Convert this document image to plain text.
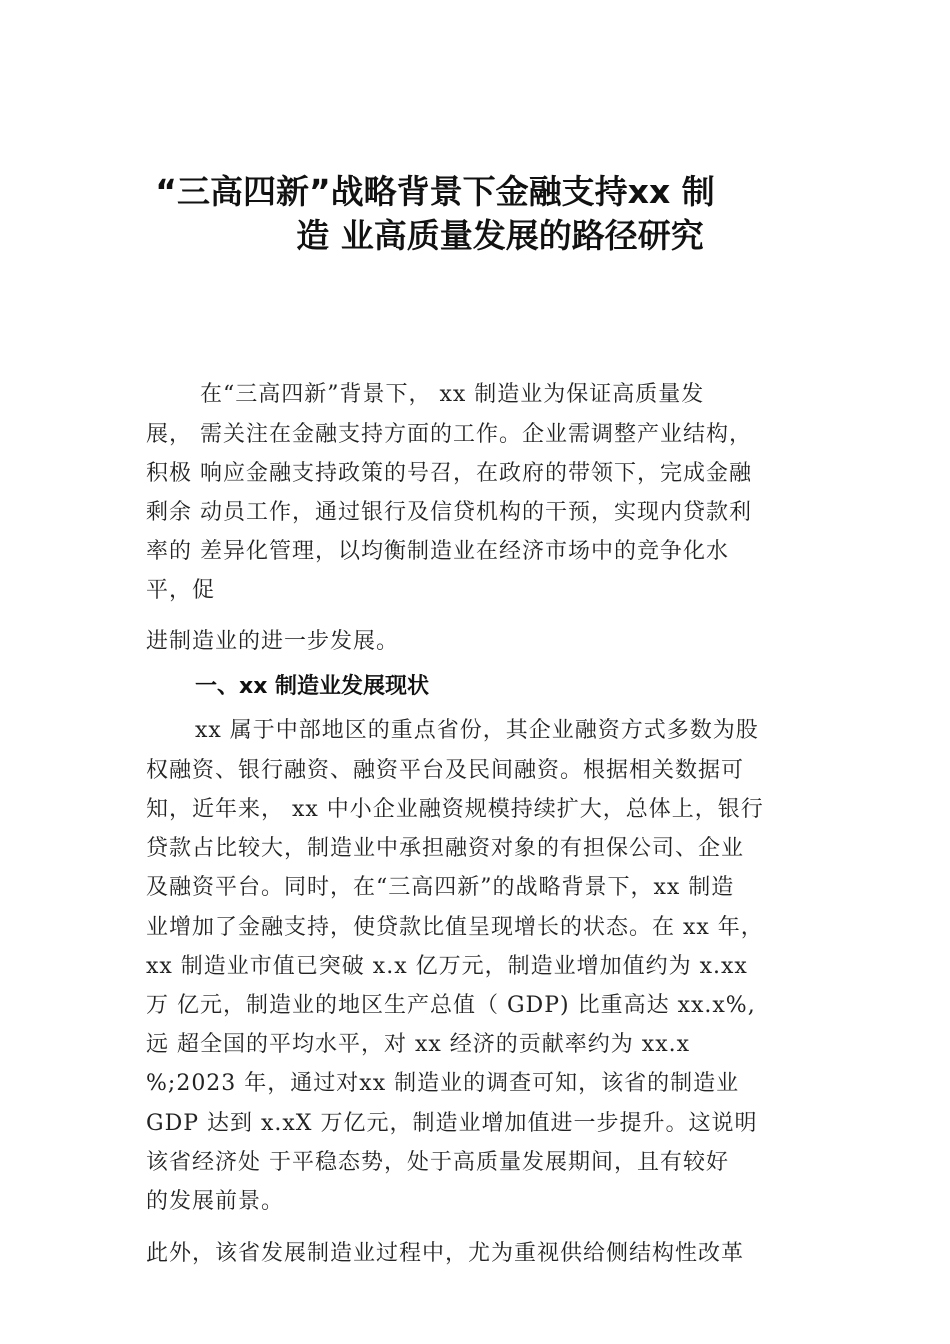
“三高四新”战略背景下金融支持xx 制
造 业高质量发展的路径研究
在“三高四新”背景下， xx 制造业为保证高质量发
展， 需关注在金融支持方面的工作。企业需调整产业结构，
积极 响应金融支持政策的号召，在政府的带领下，完成金融
剩余 动员工作，通过银行及信贷机构的干预，实现内贷款利
率的 差异化管理，以均衡制造业在经济市场中的竞争化水
平，促
进制造业的进一步发展。
一、xx 制造业发展现状
xx 属于中部地区的重点省份，其企业融资方式多数为股
权融资、银行融资、融资平台及民间融资。根据相关数据可
知，近年来， xx 中小企业融资规模持续扩大，总体上，银行
贷款占比较大，制造业中承担融资对象的有担保公司、企业
及融资平台。同时，在“三高四新”的战略背景下，xx 制造
业增加了金融支持，使贷款比值呈现增长的状态。在 xx 年，
xx 制造业市值已突破 x.x 亿万元，制造业增加值约为 x.xx
万 亿元，制造业的地区生产总值（ GDP) 比重高达 xx.x%,
远 超全国的平均水平，对 xx 经济的贡献率约为 xx.x
%;2023 年，通过对xx 制造业的调查可知，该省的制造业
GDP 达到 x.xX 万亿元，制造业增加值进一步提升。这说明
该省经济处 于平稳态势，处于高质量发展期间，且有较好
的发展前景。
此外，该省发展制造业过程中，尤为重视供给侧结构性改革
